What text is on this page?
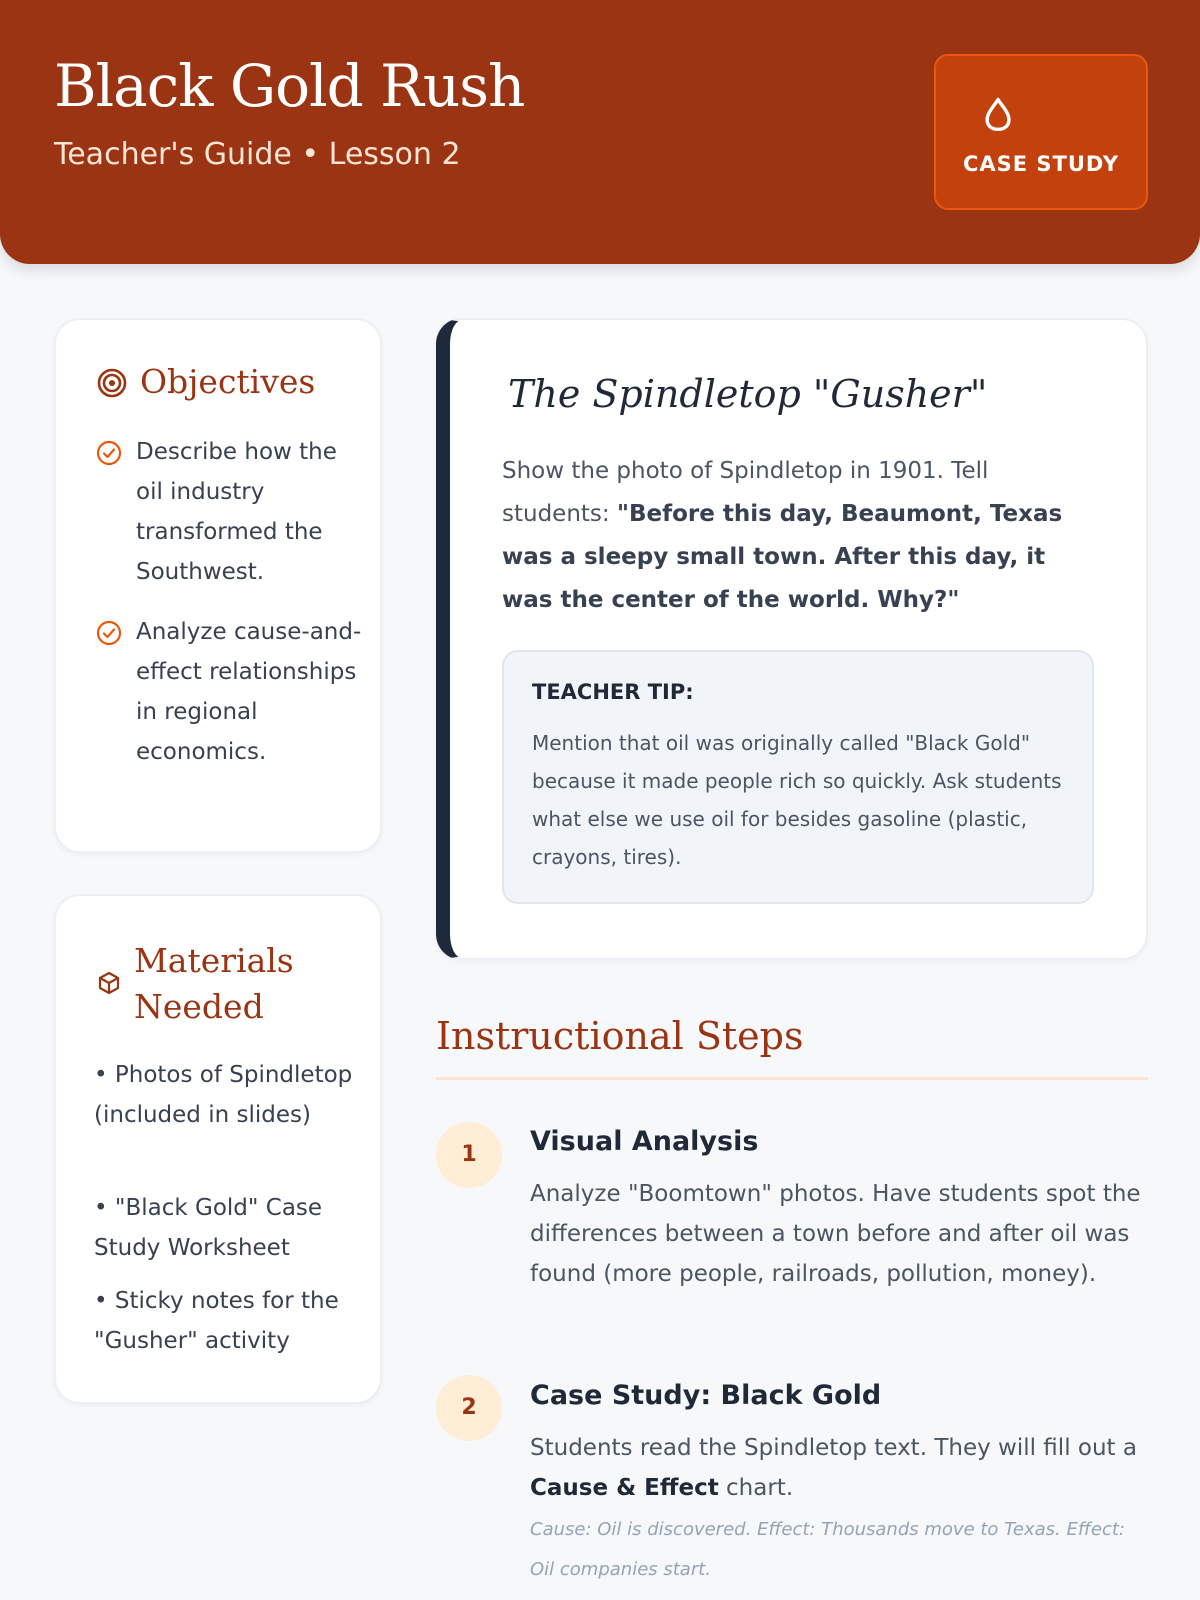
Black Gold Rush
Teacher's Guide • Lesson 2	CASE STUDY
Objectives
Describe how the oil industry transformed the Southwest.
Analyze cause-and-effect relationships in regional economics.
Materials Needed
• Photos of Spindletop (included in slides)
• "Black Gold" Case Study Worksheet
• Sticky notes for the "Gusher" activity
The Spindletop "Gusher"
Show the photo of Spindletop in 1901. Tell students: "Before this day, Beaumont, Texas was a sleepy small town. After this day, it was the center of the world. Why?"
TEACHER TIP:
Mention that oil was originally called "Black Gold" because it made people rich so quickly. Ask students what else we use oil for besides gasoline (plastic, crayons, tires).
Instructional Steps
1	Visual Analysis
Analyze "Boomtown" photos. Have students spot the differences between a town before and after oil was found (more people, railroads, pollution, money).
2	Case Study: Black Gold
Students read the Spindletop text. They will fill out a Cause & Effect chart.
Cause: Oil is discovered. Effect: Thousands move to Texas. Effect: Oil companies start.
